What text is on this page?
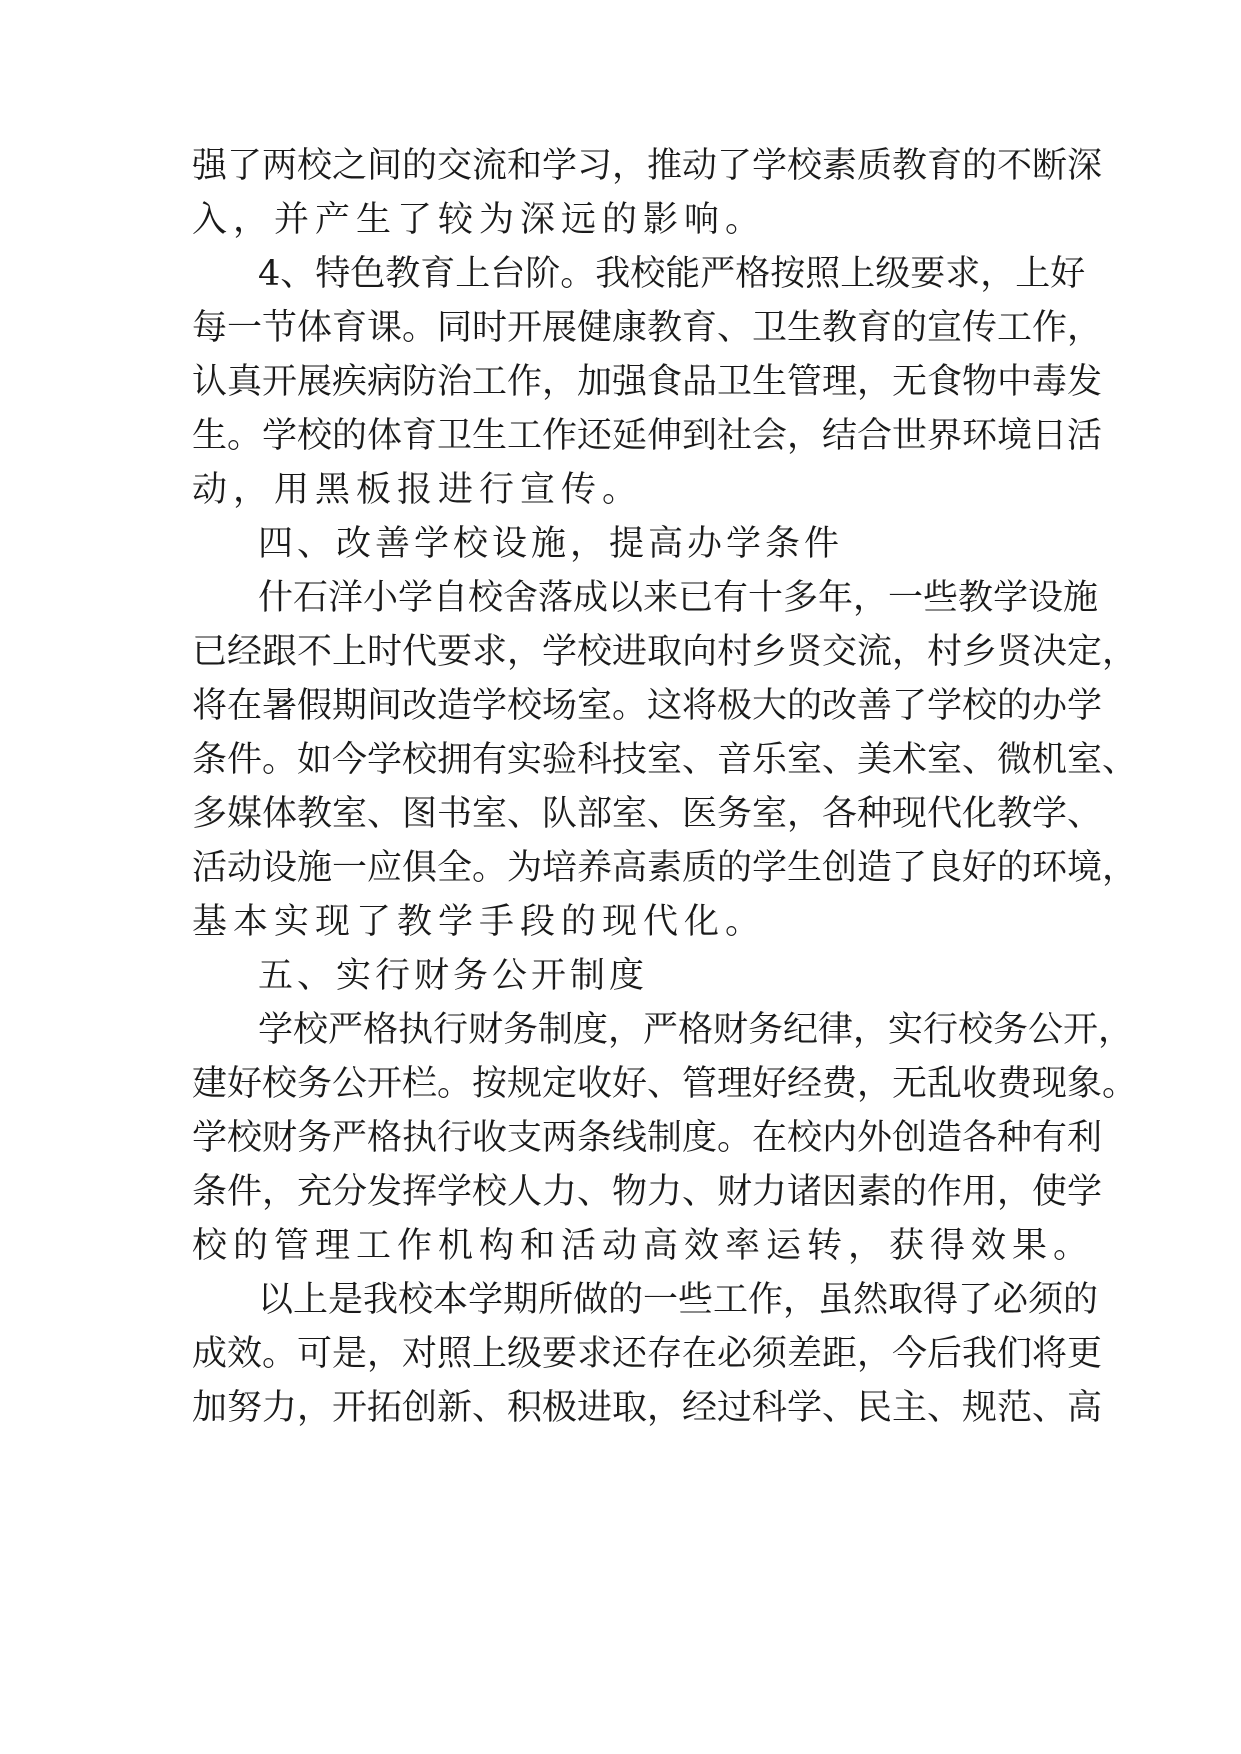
强了两校之间的交流和学习，推动了学校素质教育的不断深
入，并产生了较为深远的影响。
4、特色教育上台阶。我校能严格按照上级要求，上好
每一节体育课。同时开展健康教育、卫生教育的宣传工作，
认真开展疾病防治工作，加强食品卫生管理，无食物中毒发
生。学校的体育卫生工作还延伸到社会，结合世界环境日活
动，用黑板报进行宣传。
四、改善学校设施，提高办学条件
什石洋小学自校舍落成以来已有十多年，一些教学设施
已经跟不上时代要求，学校进取向村乡贤交流，村乡贤决定，
将在暑假期间改造学校场室。这将极大的改善了学校的办学
条件。如今学校拥有实验科技室、音乐室、美术室、微机室、
多媒体教室、图书室、队部室、医务室，各种现代化教学、
活动设施一应俱全。为培养高素质的学生创造了良好的环境，
基本实现了教学手段的现代化。
五、实行财务公开制度
学校严格执行财务制度，严格财务纪律，实行校务公开，
建好校务公开栏。按规定收好、管理好经费，无乱收费现象。
学校财务严格执行收支两条线制度。在校内外创造各种有利
条件，充分发挥学校人力、物力、财力诸因素的作用，使学
校的管理工作机构和活动高效率运转，获得效果。
以上是我校本学期所做的一些工作，虽然取得了必须的
成效。可是，对照上级要求还存在必须差距，今后我们将更
加努力，开拓创新、积极进取，经过科学、民主、规范、高
